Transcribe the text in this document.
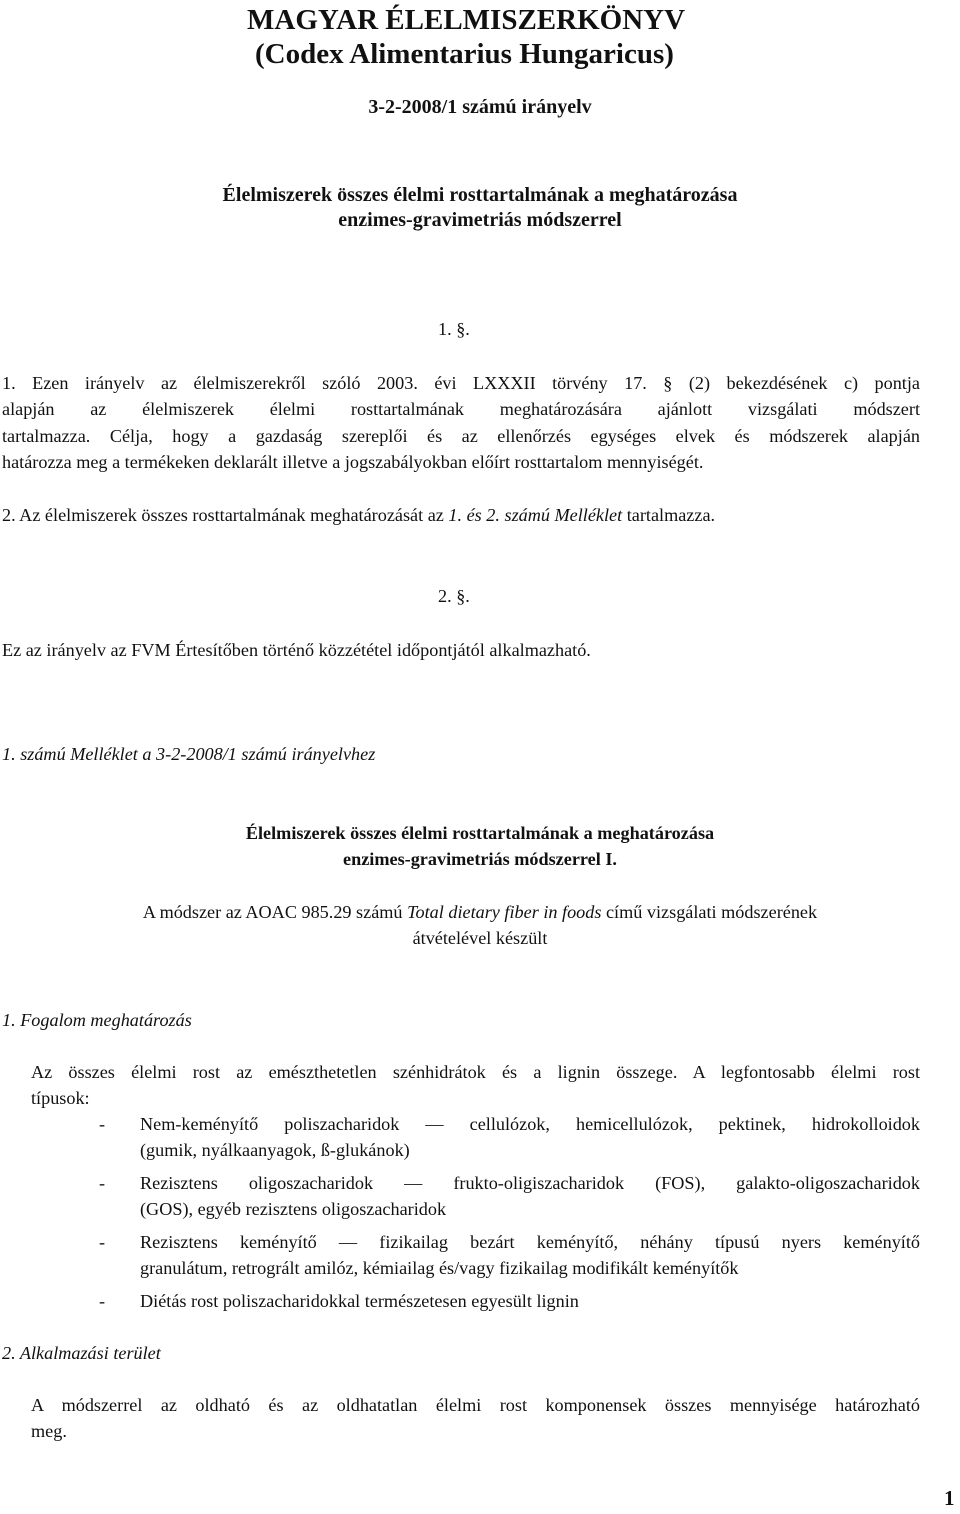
MAGYAR ÉLELMISZERKÖNYV
(Codex Alimentarius Hungaricus)
3-2-2008/1 számú irányelv
Élelmiszerek összes élelmi rosttartalmának a meghatározása
enzimes-gravimetriás módszerrel
1. §.
1. Ezen irányelv az élelmiszerekről szóló 2003. évi LXXXII törvény 17. § (2) bekezdésének c) pontja
alapján az élelmiszerek élelmi rosttartalmának meghatározására ajánlott vizsgálati módszert
tartalmazza. Célja, hogy a gazdaság szereplői és az ellenőrzés egységes elvek és módszerek alapján
határozza meg a termékeken deklarált illetve a jogszabályokban előírt rosttartalom mennyiségét.
2. Az élelmiszerek összes rosttartalmának meghatározását az 1. és 2. számú Melléklet tartalmazza.
2. §.
Ez az irányelv az FVM Értesítőben történő közzététel időpontjától alkalmazható.
1. számú Melléklet a 3-2-2008/1 számú irányelvhez
Élelmiszerek összes élelmi rosttartalmának a meghatározása
enzimes-gravimetriás módszerrel I.
A módszer az AOAC 985.29 számú Total dietary fiber in foods című vizsgálati módszerének
átvételével készült
1. Fogalom meghatározás
Az összes élelmi rost az emészthetetlen szénhidrátok és a lignin összege. A legfontosabb élelmi rost
típusok:
- Nem-keményítő poliszacharidok — cellulózok, hemicellulózok, pektinek, hidrokolloidok
(gumik, nyálkaanyagok, ß-glukánok)
- Rezisztens oligoszacharidok — frukto-oligiszacharidok (FOS), galakto-oligoszacharidok
(GOS), egyéb rezisztens oligoszacharidok
- Rezisztens keményítő — fizikailag bezárt keményítő, néhány típusú nyers keményítő
granulátum, retrogrált amilóz, kémiailag és/vagy fizikailag modifikált keményítők
- Diétás rost poliszacharidokkal természetesen egyesült lignin
2. Alkalmazási terület
A módszerrel az oldható és az oldhatatlan élelmi rost komponensek összes mennyisége határozható
meg.
1
